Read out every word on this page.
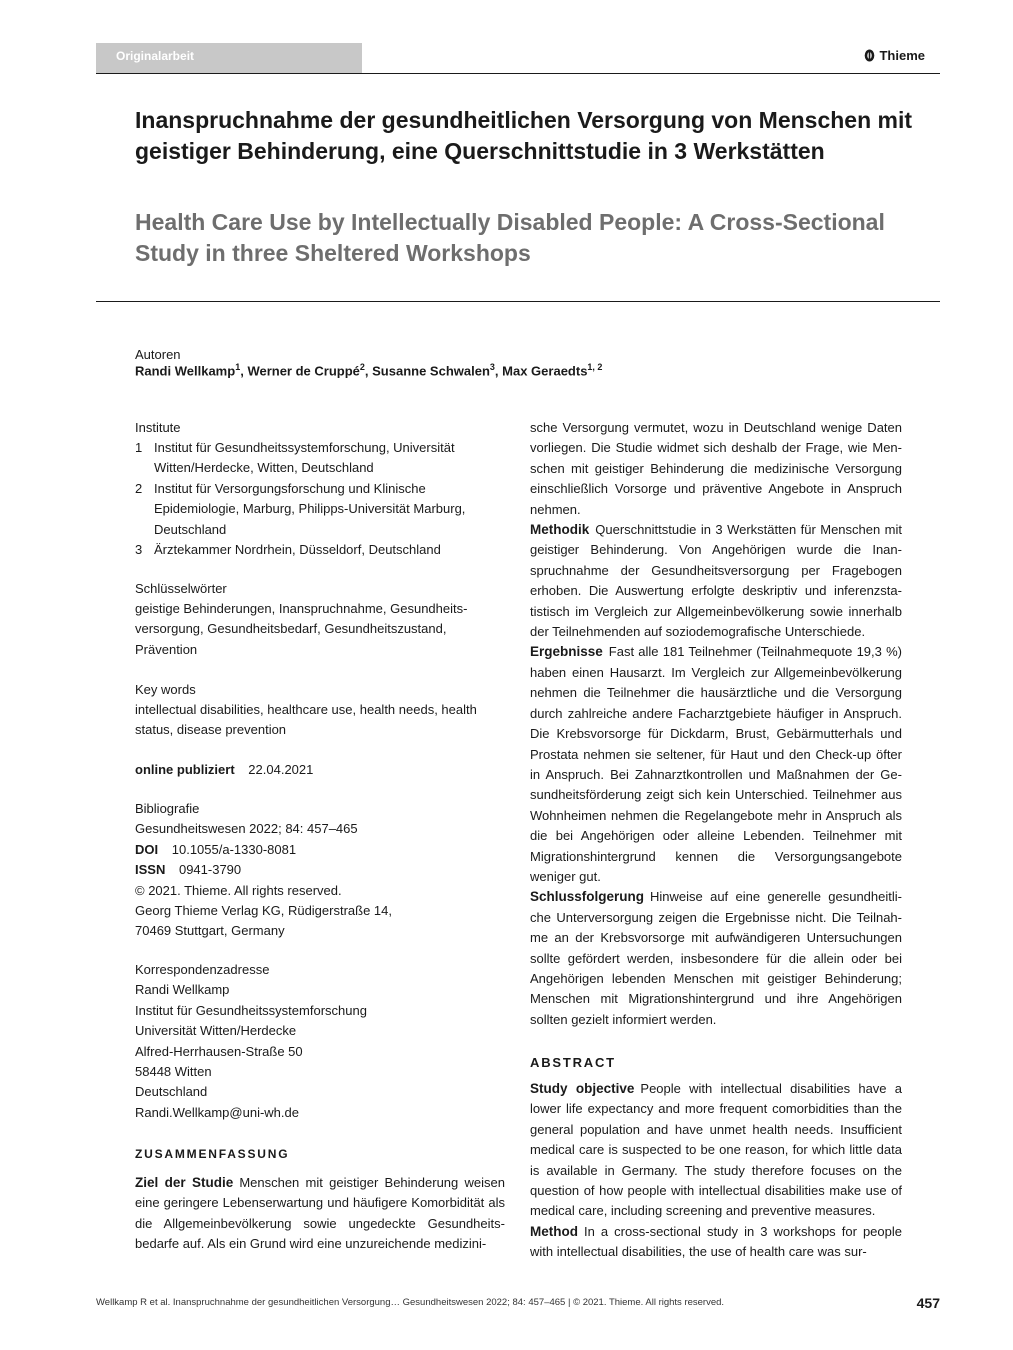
Originalarbeit	Thieme
Inanspruchnahme der gesundheitlichen Versorgung von Menschen mit geistiger Behinderung, eine Querschnittstudie in 3 Werkstätten
Health Care Use by Intellectually Disabled People: A Cross-Sectional Study in three Sheltered Workshops
Autoren
Randi Wellkamp$^1$, Werner de Cruppé$^2$, Susanne Schwalen$^3$, Max Geraedts$^{1, 2}$
Institute
1 Institut für Gesundheitssystemforschung, Universität Witten/Herdecke, Witten, Deutschland
2 Institut für Versorgungsforschung und Klinische Epidemiologie, Marburg, Philipps-Universität Marburg, Deutschland
3 Ärztekammer Nordrhein, Düsseldorf, Deutschland
Schlüsselwörter
geistige Behinderungen, Inanspruchnahme, Gesundheitsversorgung, Gesundheitsbedarf, Gesundheitszustand, Prävention
Key words
intellectual disabilities, healthcare use, health needs, health status, disease prevention
online publiziert 22.04.2021
Bibliografie
Gesundheitswesen 2022; 84: 457–465
DOI 10.1055/a-1330-8081
ISSN 0941-3790
© 2021. Thieme. All rights reserved.
Georg Thieme Verlag KG, Rüdigerstraße 14,
70469 Stuttgart, Germany
Korrespondenzadresse
Randi Wellkamp
Institut für Gesundheitssystemforschung
Universität Witten/Herdecke
Alfred-Herrhausen-Straße 50
58448 Witten
Deutschland
Randi.Wellkamp@uni-wh.de
ZUSAMMENFASSUNG
Ziel der Studie Menschen mit geistiger Behinderung weisen eine geringere Lebenserwartung und häufigere Komorbidität als die Allgemeinbevölkerung sowie ungedeckte Gesundheitsbedarfe auf. Als ein Grund wird eine unzureichende medizini-

sche Versorgung vermutet, wozu in Deutschland wenige Daten vorliegen. Die Studie widmet sich deshalb der Frage, wie Menschen mit geistiger Behinderung die medizinische Versorgung einschließlich Vorsorge und präventive Angebote in Anspruch nehmen.

Methodik Querschnittstudie in 3 Werkstätten für Menschen mit geistiger Behinderung. Von Angehörigen wurde die Inanspruchnahme der Gesundheitsversorgung per Fragebogen erhoben. Die Auswertung erfolgte deskriptiv und inferenzstatistisch im Vergleich zur Allgemeinbevölkerung sowie innerhalb der Teilnehmenden auf soziodemografische Unterschiede.

Ergebnisse Fast alle 181 Teilnehmer (Teilnahmequote 19,3 %) haben einen Hausarzt. Im Vergleich zur Allgemeinbevölkerung nehmen die Teilnehmer die hausärztliche und die Versorgung durch zahlreiche andere Facharztgebiete häufiger in Anspruch. Die Krebsvorsorge für Dickdarm, Brust, Gebärmutterhals und Prostata nehmen sie seltener, für Haut und den Check-up öfter in Anspruch. Bei Zahnarztkontrollen und Maßnahmen der Gesundheitsförderung zeigt sich kein Unterschied. Teilnehmer aus Wohnheimen nehmen die Regelangebote mehr in Anspruch als die bei Angehörigen oder alleine Lebenden. Teilnehmer mit Migrationshintergrund kennen die Versorgungsangebote weniger gut.

Schlussfolgerung Hinweise auf eine generelle gesundheitliche Unterversorgung zeigen die Ergebnisse nicht. Die Teilnahme an der Krebsvorsorge mit aufwändigeren Untersuchungen sollte gefördert werden, insbesondere für die allein oder bei Angehörigen lebenden Menschen mit geistiger Behinderung; Menschen mit Migrationshintergrund und ihre Angehörigen sollten gezielt informiert werden.

ABSTRACT

Study objective People with intellectual disabilities have a lower life expectancy and more frequent comorbidities than the general population and have unmet health needs. Insufficient medical care is suspected to be one reason, for which little data is available in Germany. The study therefore focuses on the question of how people with intellectual disabilities make use of medical care, including screening and preventive measures.

Method In a cross-sectional study in 3 workshops for people with intellectual disabilities, the use of health care was sur-

Wellkamp R et al. Inanspruchnahme der gesundheitlichen Versorgung… Gesundheitswesen 2022; 84: 457–465 | © 2021. Thieme. All rights reserved.	457
